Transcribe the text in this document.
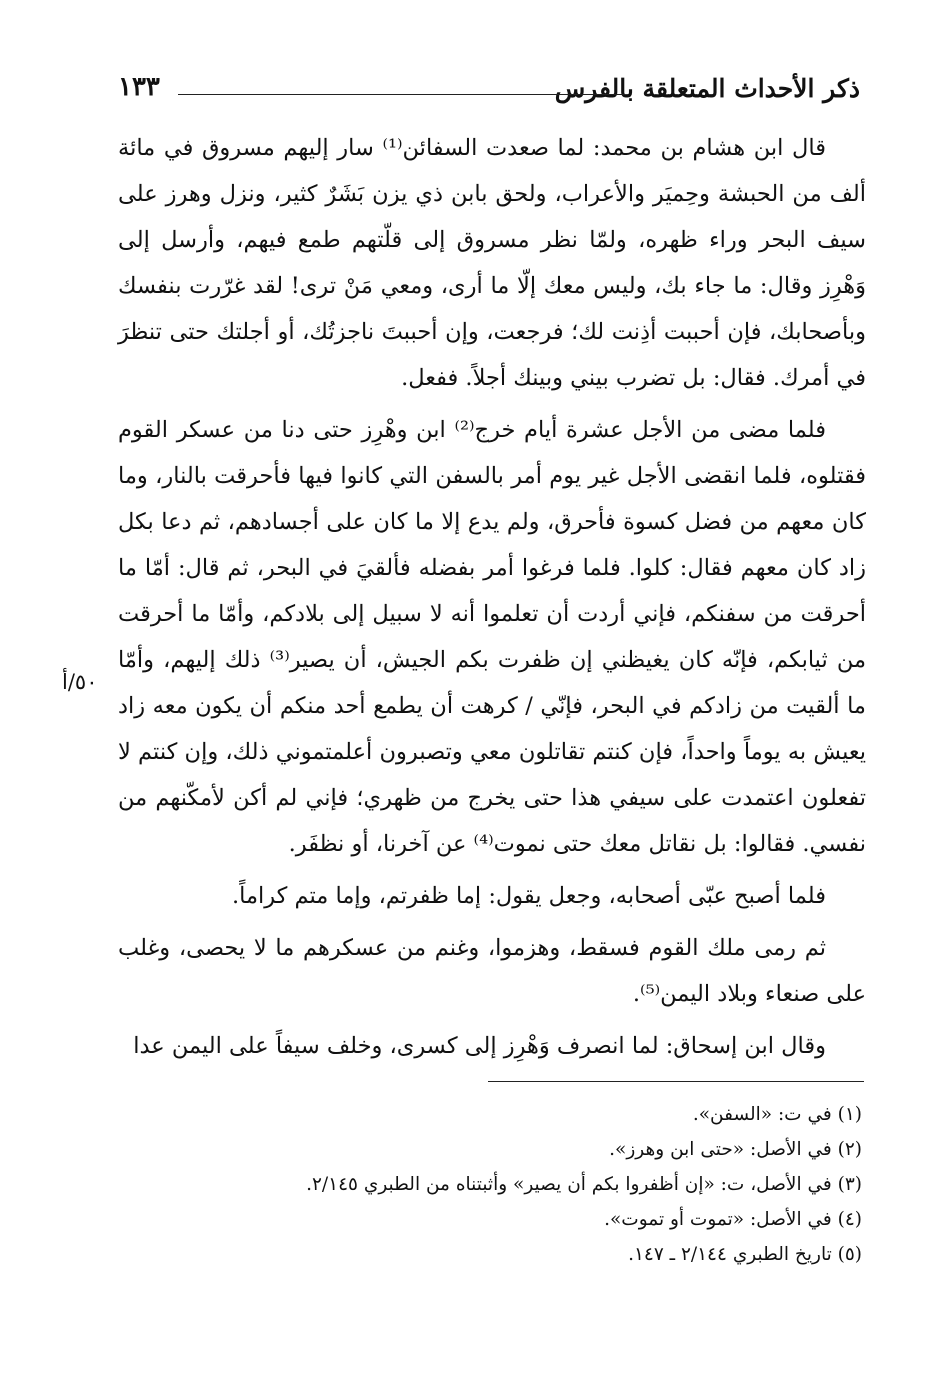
ذكر الأحداث المتعلقة بالفرس
١٣٣

قال ابن هشام بن محمد: لما صعدت السفائن⁽¹⁾ سار إليهم مسروق في مائة ألف من الحبشة وحِميَر والأعراب، ولحق بابن ذي يزن بَشَرٌ كثير، ونزل وهرز على سيف البحر وراء ظهره، ولمّا نظر مسروق إلى قلّتهم طمع فيهم، وأرسل إلى وَهْرِز وقال: ما جاء بك، وليس معك إلّا ما أرى، ومعي مَنْ ترى! لقد غرّرت بنفسك وبأصحابك، فإن أحببت أذِنت لك؛ فرجعت، وإن أحببتَ ناجزتُك، أو أجلتك حتى تنظرَ في أمرك. فقال: بل تضرب بيني وبينك أجلاً. ففعل.

فلما مضى من الأجل عشرة أيام خرج⁽²⁾ ابن وهْرِز حتى دنا من عسكر القوم فقتلوه، فلما انقضى الأجل غير يوم أمر بالسفن التي كانوا فيها فأحرقت بالنار، وما كان معهم من فضل كسوة فأحرق، ولم يدع إلا ما كان على أجسادهم، ثم دعا بكل زاد كان معهم فقال: كلوا. فلما فرغوا أمر بفضله فألقيَ في البحر، ثم قال: أمّا ما أحرقت من سفنكم، فإني أردت أن تعلموا أنه لا سبيل إلى بلادكم، وأمّا ما أحرقت من ثيابكم، فإنّه كان يغيظني إن ظفرت بكم الجيش، أن يصير⁽³⁾ ذلك إليهم، وأمّا ما ألقيت من زادكم في البحر، فإنّي / كرهت أن يطمع أحد منكم أن يكون معه زاد يعيش به يوماً واحداً، فإن كنتم تقاتلون معي وتصبرون أعلمتموني ذلك، وإن كنتم لا تفعلون اعتمدت على سيفي هذا حتى يخرج من ظهري؛ فإني لم أكن لأمكّنهم من نفسي. فقالوا: بل نقاتل معك حتى نموت⁽⁴⁾ عن آخرنا، أو نظفَر.

فلما أصبح عبّى أصحابه، وجعل يقول: إما ظفرتم، وإما متم كراماً.

ثم رمى ملك القوم فسقط، وهزموا، وغنم من عسكرهم ما لا يحصى، وغلب على صنعاء وبلاد اليمن⁽⁵⁾.

وقال ابن إسحاق: لما انصرف وَهْرِز إلى كسرى، وخلف سيفاً على اليمن عدا

٥٠/أ
(١) في ت: «السفن».
(٢) في الأصل: «حتى ابن وهرز».
(٣) في الأصل، ت: «إن أظفروا بكم أن يصير» وأثبتناه من الطبري ٢/١٤٥.
(٤) في الأصل: «تموت أو تموت».
(٥) تاريخ الطبري ٢/١٤٤ ـ ١٤٧.
